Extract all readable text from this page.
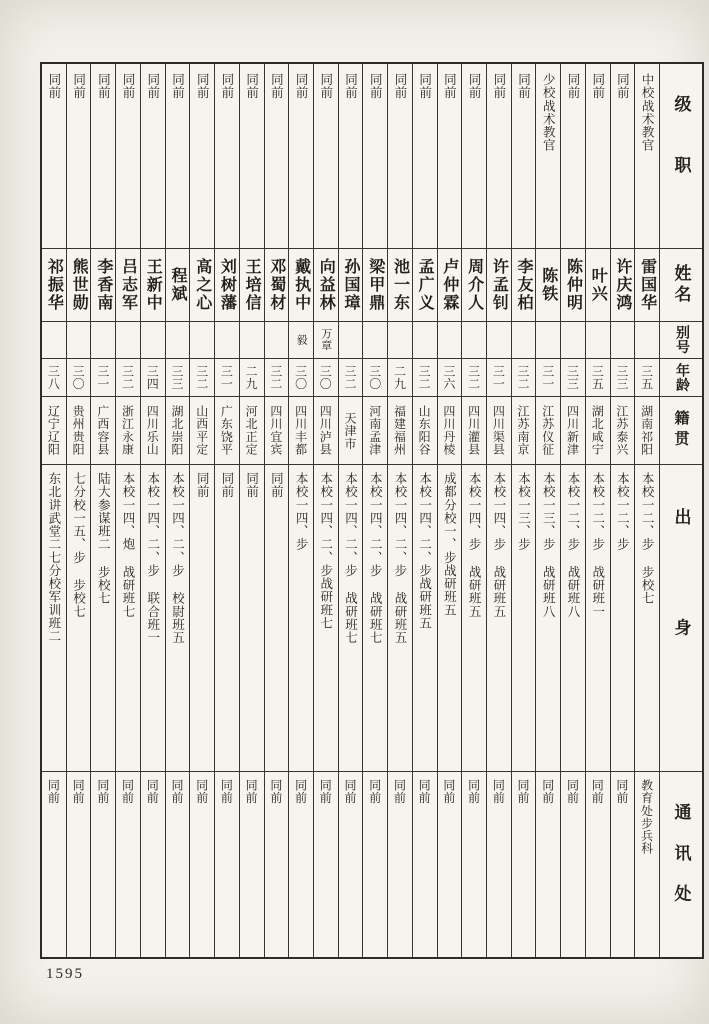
级职
姓名
别号
年龄
籍贯
出身
通讯处
中校战术教官
雷国华
三五
湖南祁阳
本校一二、步 步校七
教育处步兵科
同前
许庆鸿
三三
江苏泰兴
本校一二、步
同前
同前
叶兴
三五
湖北咸宁
本校一二、步 战研班一
同前
同前
陈仲明
三三
四川新津
本校一二、步 战研班八
同前
少校战术教官
陈铁
三一
江苏仪征
本校一三、步 战研班八
同前
同前
李友柏
三二
江苏南京
本校一三、步
同前
同前
许孟钊
三一
四川渠县
本校一四、步 战研班五
同前
同前
周介人
三二
四川灌县
本校一四、步 战研班五
同前
同前
卢仲霖
三六
四川丹棱
成都分校一、步战研班五
同前
同前
孟广义
三二
山东阳谷
本校一四、二、步战研班五
同前
同前
池一东
二九
福建福州
本校一四、二、步 战研班五
同前
同前
梁甲鼎
三〇
河南孟津
本校一四、二、步 战研班七
同前
同前
孙国璋
三二
天津市
本校一四、二、步 战研班七
同前
同前
向益林
万章
三〇
四川泸县
本校一四、二、步战研班七
同前
同前
戴执中
毅
三〇
四川丰都
本校一四、步
同前
同前
邓蜀材
三二
四川宜宾
同前
同前
同前
王培信
二九
河北正定
同前
同前
同前
刘树藩
三一
广东饶平
同前
同前
同前
高之心
三二
山西平定
同前
同前
同前
程斌
三三
湖北崇阳
本校一四、二、步 校尉班五
同前
同前
王新中
三四
四川乐山
本校一四、二、步 联合班一
同前
同前
吕志军
三二
浙江永康
本校一四、炮 战研班七
同前
同前
李香南
三一
广西容县
陆大参谋班二 步校七
同前
同前
熊世勋
三〇
贵州贵阳
七分校一五、步 步校七
同前
同前
祁振华
三八
辽宁辽阳
东北讲武堂二七分校军训班二
同前
1595
